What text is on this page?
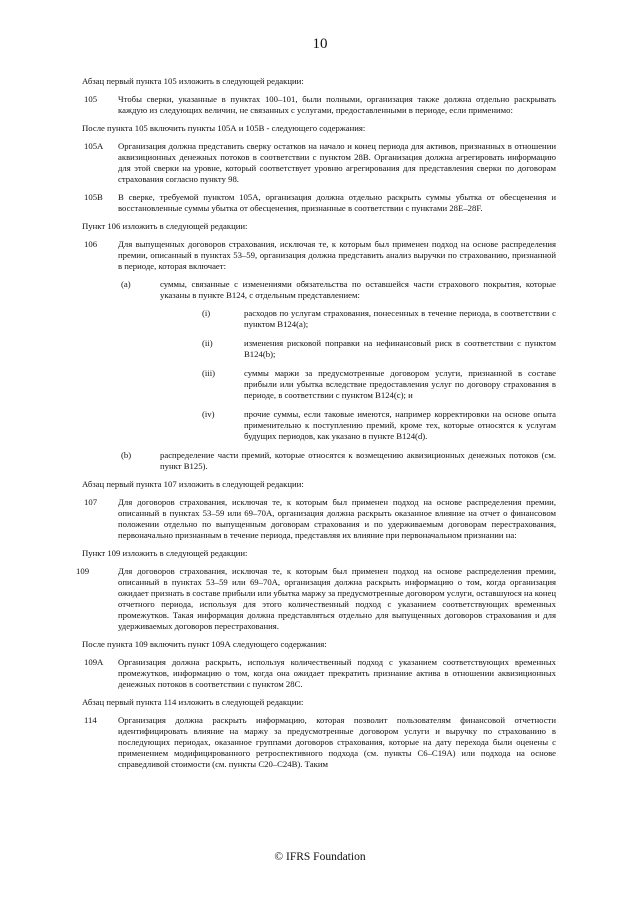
10

Абзац первый пункта 105 изложить в следующей редакции:

105 Чтобы сверки, указанные в пунктах 100–101, были полными, организация также должна отдельно раскрывать каждую из следующих величин, не связанных с услугами, предоставленными в периоде, если применимо:

После пункта 105 включить пункты 105А и 105В - следующего содержания:

105А Организация должна представить сверку остатков на начало и конец периода для активов, признанных в отношении аквизиционных денежных потоков в соответствии с пунктом 28В. Организация должна агрегировать информацию для этой сверки на уровне, который соответствует уровню агрегирования для представления сверки по договорам страхования согласно пункту 98.
105В В сверке, требуемой пунктом 105А, организация должна отдельно раскрыть суммы убытка от обесценения и восстановленные суммы убытка от обесценения, признанные в соответствии с пунктами 28Е–28F.

Пункт 106 изложить в следующей редакции:

106 Для выпущенных договоров страхования, исключая те, к которым был применен подход на основе распределения премии, описанный в пунктах 53–59, организация должна представить анализ выручки по страхованию, признанной в периоде, которая включает:
(a)	суммы, связанные с изменениями обязательства по оставшейся части страхового покрытия, которые указаны в пункте В124, с отдельным представлением:
(i)	расходов по услугам страхования, понесенных в течение периода, в соответствии с пунктом В124(а);
(ii)	изменения рисковой поправки на нефинансовый риск в соответствии с пунктом В124(b);
(iii)	суммы маржи за предусмотренные договором услуги, признанной в составе прибыли или убытка вследствие предоставления услуг по договору страхования в периоде, в соответствии с пунктом В124(с); и
(iv)	прочие суммы, если таковые имеются, например корректировки на основе опыта применительно к поступлению премий, кроме тех, которые относятся к услугам будущих периодов, как указано в пункте В124(d).
(b)	распределение части премий, которые относятся к возмещению аквизиционных денежных потоков (см. пункт В125).

Абзац первый пункта 107 изложить в следующей редакции:

107 Для договоров страхования, исключая те, к которым был применен подход на основе распределения премии, описанный в пунктах 53–59 или 69–70А, организация должна раскрыть оказанное влияние на отчет о финансовом положении отдельно по выпущенным договорам страхования и по удерживаемым договорам перестрахования, первоначально признанным в течение периода, представляя их влияние при первоначальном признании на:

Пункт 109 изложить в следующей редакции:

109	Для договоров страхования, исключая те, к которым был применен подход на основе распределения премии, описанный в пунктах 53–59 или 69–70А, организация должна раскрыть информацию о том, когда организация ожидает признать в составе прибыли или убытка маржу за предусмотренные договором услуги, оставшуюся на конец отчетного периода, используя для этого количественный подход с указанием соответствующих временных промежутков. Такая информация должна представляться отдельно для выпущенных договоров страхования и для удерживаемых договоров перестрахования.

После пункта 109 включить пункт 109А следующего содержания:

109А Организация должна раскрыть, используя количественный подход с указанием соответствующих временных промежутков, информацию о том, когда она ожидает прекратить признание актива в отношении аквизиционных денежных потоков в соответствии с пунктом 28С.

Абзац первый пункта 114 изложить в следующей редакции:

114 Организация должна раскрыть информацию, которая позволит пользователям финансовой отчетности идентифицировать влияние на маржу за предусмотренные договором услуги и выручку по страхованию в последующих периодах, оказанное группами договоров страхования, которые на дату перехода были оценены с применением модифицированного ретроспективного подхода (см. пункты С6–С19А) или подхода на основе справедливой стоимости (см. пункты С20–С24В). Таким
© IFRS Foundation
